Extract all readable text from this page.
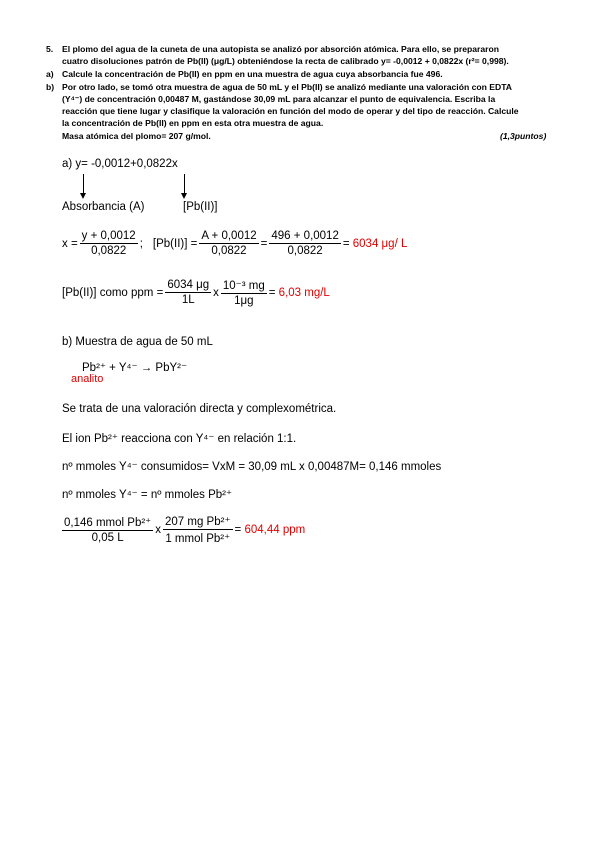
5. El plomo del agua de la cuneta de una autopista se analizó por absorción atómica. Para ello, se prepararon
cuatro disoluciones patrón de Pb(II) (μg/L) obteniéndose la recta de calibrado y= -0,0012 + 0,0822x (r²= 0,998).
a) Calcule la concentración de Pb(II) en ppm en una muestra de agua cuya absorbancia fue 496.
b) Por otro lado, se tomó otra muestra de agua de 50 mL y el Pb(II) se analizó mediante una valoración con EDTA
(Y⁴⁻) de concentración 0,00487 M, gastándose 30,09 mL para alcanzar el punto de equivalencia. Escriba la
reacción que tiene lugar y clasifique la valoración en función del modo de operar y del tipo de reacción. Calcule
la concentración de Pb(II) en ppm en esta otra muestra de agua.
Masa atómica del plomo= 207 g/mol.	(1,3puntos)
a) y= -0,0012+0,0822x
Absorbancia (A)	[Pb(II)]
$x = \frac{y + 0,0012}{0,0822}$ ; $[Pb(II)] = \frac{A + 0,0012}{0,0822} = \frac{496 + 0,0012}{0,0822} = 6034$ μg/ L
[Pb(II)] como ppm = $\frac{6034 \mu g}{1L}$ x $\frac{\text{10⁻³ mg}}{1\mu g} = 6,03$ mg/L
b) Muestra de agua de 50 mL
Pb²⁺ + Y⁴⁻ → PbY²⁻
analito
Se trata de una valoración directa y complexométrica.
El ion Pb²⁺ reacciona con Y⁴⁻ en relación 1:1.
nº mmoles Y⁴⁻ consumidos= VxM = 30,09 mL x 0,00487M= 0,146 mmoles
nº mmoles Y⁴⁻ = nº mmoles Pb²⁺
$\frac{\text{0,146 mmol Pb²⁺}}{0,05 L}$ x $\frac{\text{207 mg Pb²⁺}}{\text{1 mmol Pb²⁺}} = 604,44$ ppm
